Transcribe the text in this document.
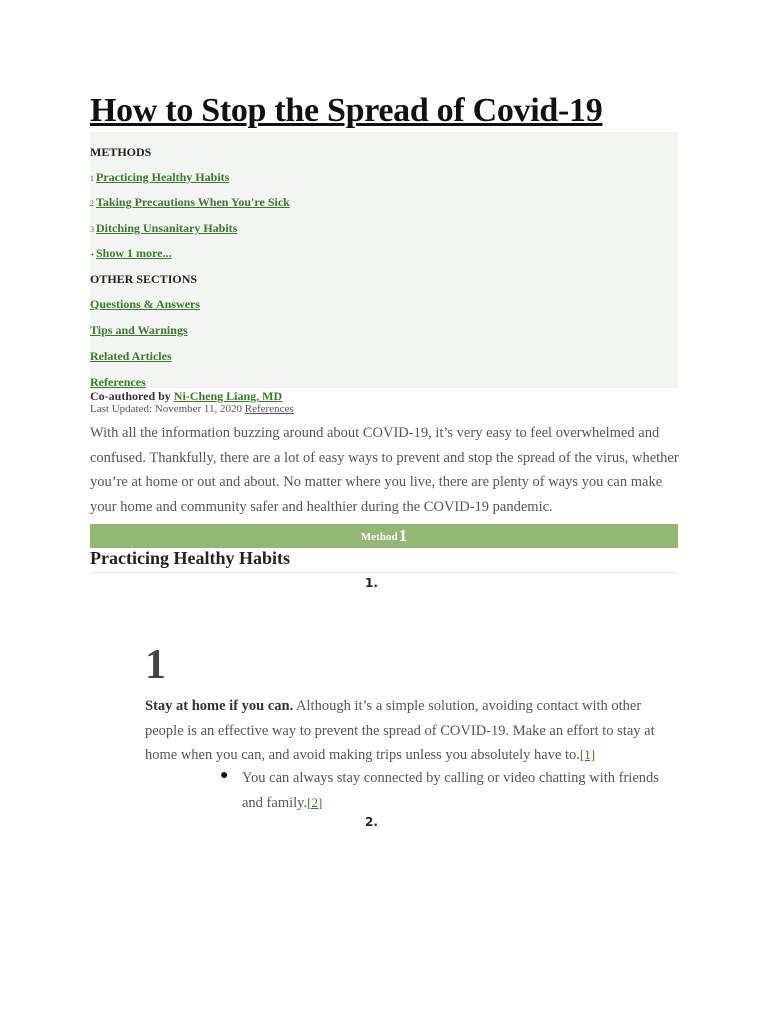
How to Stop the Spread of Covid-19
METHODS
1 Practicing Healthy Habits
2 Taking Precautions When You're Sick
3 Ditching Unsanitary Habits
+Show 1 more...
OTHER SECTIONS
Questions & Answers
Tips and Warnings
Related Articles
References
Co-authored by Ni-Cheng Liang, MD
Last Updated: November 11, 2020 References

With all the information buzzing around about COVID-19, it’s very easy to feel overwhelmed and confused. Thankfully, there are a lot of easy ways to prevent and stop the spread of the virus, whether you’re at home or out and about. No matter where you live, there are plenty of ways you can make your home and community safer and healthier during the COVID-19 pandemic.

Method1
Practicing Healthy Habits
1.
1

Stay at home if you can. Although it’s a simple solution, avoiding contact with other people is an effective way to prevent the spread of COVID-19. Make an effort to stay at home when you can, and avoid making trips unless you absolutely have to.[1]

● You can always stay connected by calling or video chatting with friends and family.[2]

2.
